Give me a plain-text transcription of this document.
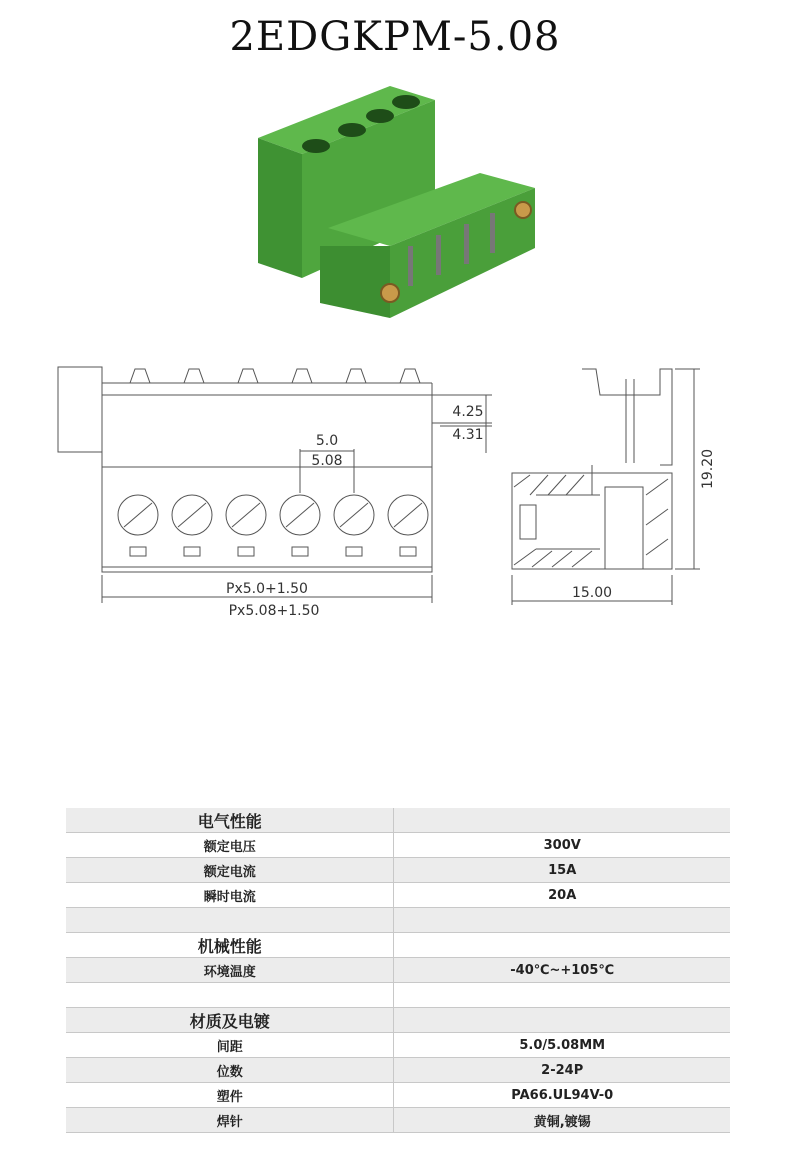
2EDGKPM-5.08
5.0
5.08
4.25
4.31
Px5.0+1.50
Px5.08+1.50
15.00
19.20
电气性能	
额定电压	300V
额定电流	15A
瞬时电流	20A

机械性能	
环境温度	-40℃~+105℃

材质及电镀	
间距	5.0/5.08MM
位数	2-24P
塑件	PA66.UL94V-0
焊针	黄铜,镀锡
